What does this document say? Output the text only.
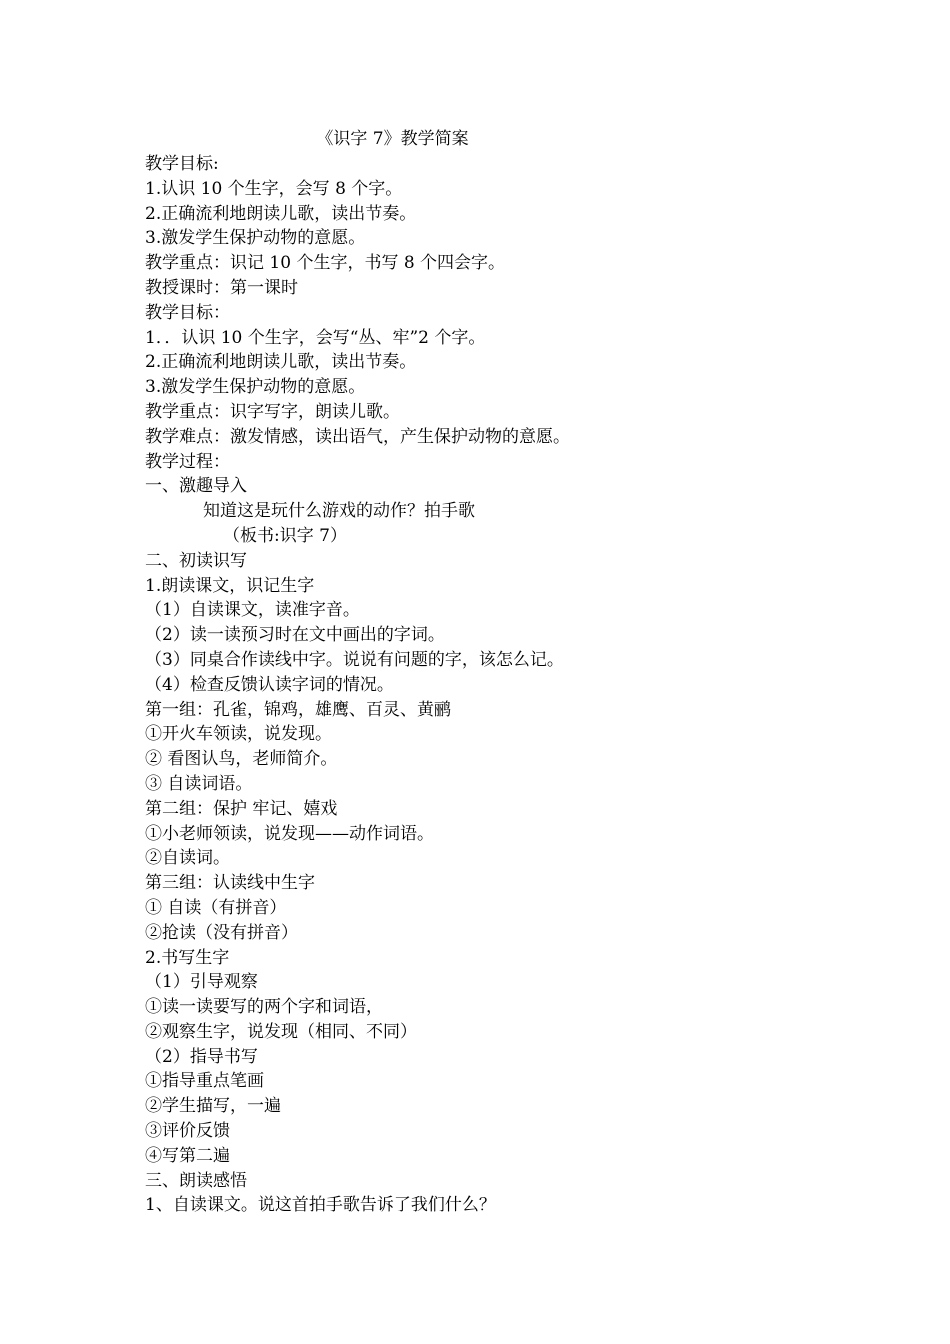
《识字 7》教学简案
教学目标:
1.认识 10 个生字，会写 8 个字。
2.正确流利地朗读儿歌，读出节奏。
3.激发学生保护动物的意愿。
教学重点：识记 10 个生字，书写 8 个四会字。
教授课时：第一课时
教学目标：
1．．认识 10 个生字，会写“丛、牢”2 个字。
2.正确流利地朗读儿歌，读出节奏。
3.激发学生保护动物的意愿。
教学重点：识字写字，朗读儿歌。
教学难点：激发情感，读出语气，产生保护动物的意愿。
教学过程：
一、激趣导入
知道这是玩什么游戏的动作？拍手歌
（板书:识字 7）
二、初读识写
1.朗读课文，识记生字
（1）自读课文，读准字音。
（2）读一读预习时在文中画出的字词。
（3）同桌合作读线中字。说说有问题的字，该怎么记。
（4）检查反馈认读字词的情况。
第一组：孔雀，锦鸡，雄鹰、百灵、黄鹂
①开火车领读，说发现。
② 看图认鸟，老师简介。
③ 自读词语。
第二组：保护 牢记、嬉戏
①小老师领读，说发现——动作词语。
②自读词。
第三组：认读线中生字
① 自读（有拼音）
②抢读（没有拼音）
2.书写生字
（1）引导观察
①读一读要写的两个字和词语，
②观察生字，说发现（相同、不同）
（2）指导书写
①指导重点笔画
②学生描写，一遍
③评价反馈
④写第二遍
三、朗读感悟
1、自读课文。说这首拍手歌告诉了我们什么？
